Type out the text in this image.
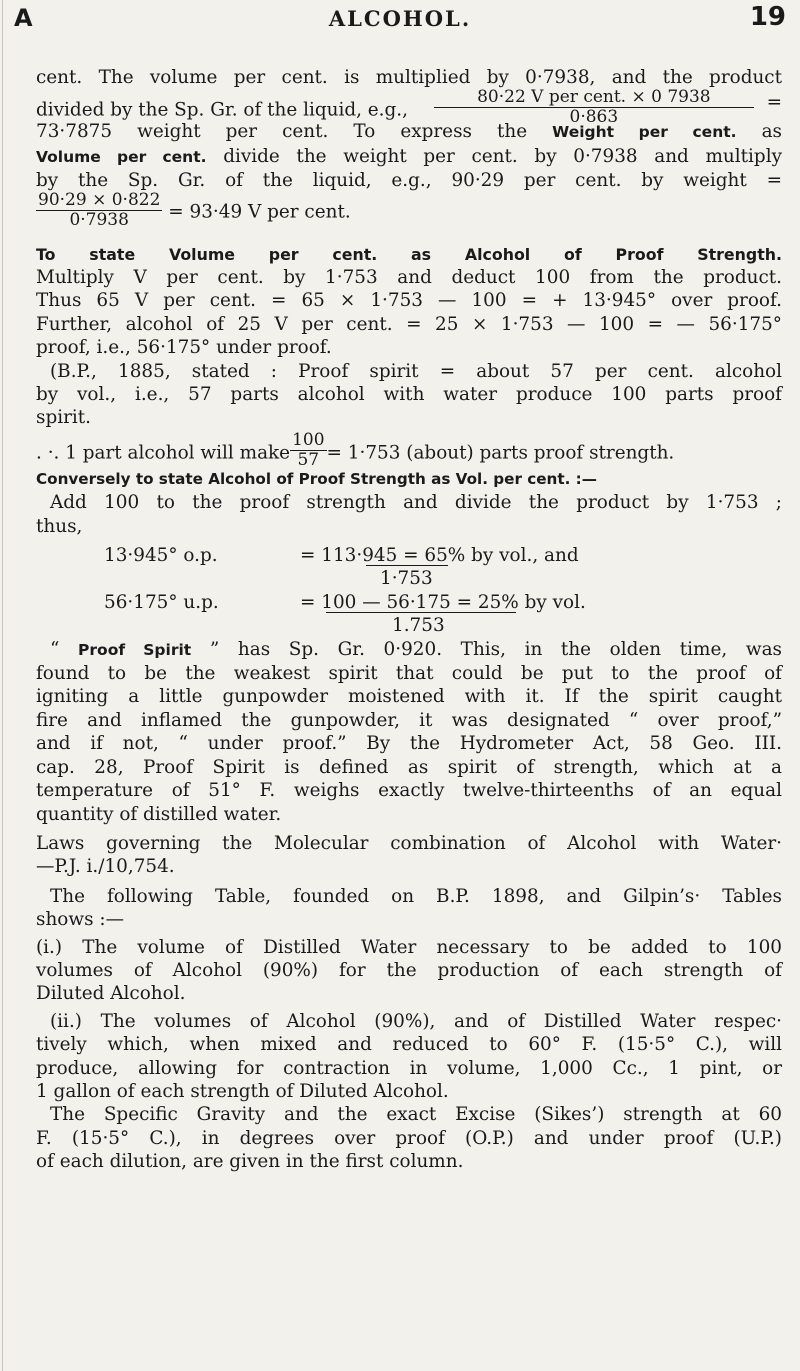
A	ALCOHOL.	19
cent. The volume per cent. is multiplied by 0·7938, and the product
divided by the Sp. Gr. of the liquid, e.g., $\frac{\text{80·22 V per cent. × 0 7938}}{0\cdot 863}$ =
73·7875 weight per cent. To express the Weight per cent. as
Volume per cent. divide the weight per cent. by 0·7938 and multiply
by the Sp. Gr. of the liquid, e.g., 90·29 per cent. by weight =
$\frac{90\cdot 29 \times 0\cdot 822}{0\cdot 7938} = 93\cdot 49$ V per cent.
To state Volume per cent. as Alcohol of Proof Strength.
Multiply V per cent. by 1·753 and deduct 100 from the product.
Thus 65 V per cent. = 65 × 1·753 — 100 = + 13·945° over proof.
Further, alcohol of 25 V per cent. = 25 × 1·753 — 100 = — 56·175°
proof, i.e., 56·175° under proof.
(B.P., 1885, stated : Proof spirit = about 57 per cent. alcohol
by vol., i.e., 57 parts alcohol with water produce 100 parts proof
spirit.
. ·. 1 part alcohol will make $\frac{100}{57} = 1\cdot 753$ (about) parts proof strength.
Conversely to state Alcohol of Proof Strength as Vol. per cent. :—
Add 100 to the proof strength and divide the product by 1·753 ;
thus,
13·945° o.p.	= 113·945 = 65% by vol., and
1·753
56·175° u.p.	= 100 — 56·175 = 25% by vol.
1.753
“ Proof Spirit ” has Sp. Gr. 0·920. This, in the olden time, was
found to be the weakest spirit that could be put to the proof of
igniting a little gunpowder moistened with it. If the spirit caught
fire and inflamed the gunpowder, it was designated “ over proof,”
and if not, “ under proof.” By the Hydrometer Act, 58 Geo. III.
cap. 28, Proof Spirit is defined as spirit of strength, which at a
temperature of 51° F. weighs exactly twelve-thirteenths of an equal
quantity of distilled water.
Laws governing the Molecular combination of Alcohol with Water·
—P.J. i./10,754.
The following Table, founded on B.P. 1898, and Gilpin’s· Tables
shows :—
(i.) The volume of Distilled Water necessary to be added to 100
volumes of Alcohol (90%) for the production of each strength of
Diluted Alcohol.
(ii.) The volumes of Alcohol (90%), and of Distilled Water respec·
tively which, when mixed and reduced to 60° F. (15·5° C.), will
produce, allowing for contraction in volume, 1,000 Cc., 1 pint, or
1 gallon of each strength of Diluted Alcohol.
The Specific Gravity and the exact Excise (Sikes’) strength at 60
F. (15·5° C.), in degrees over proof (O.P.) and under proof (U.P.)
of each dilution, are given in the first column.
